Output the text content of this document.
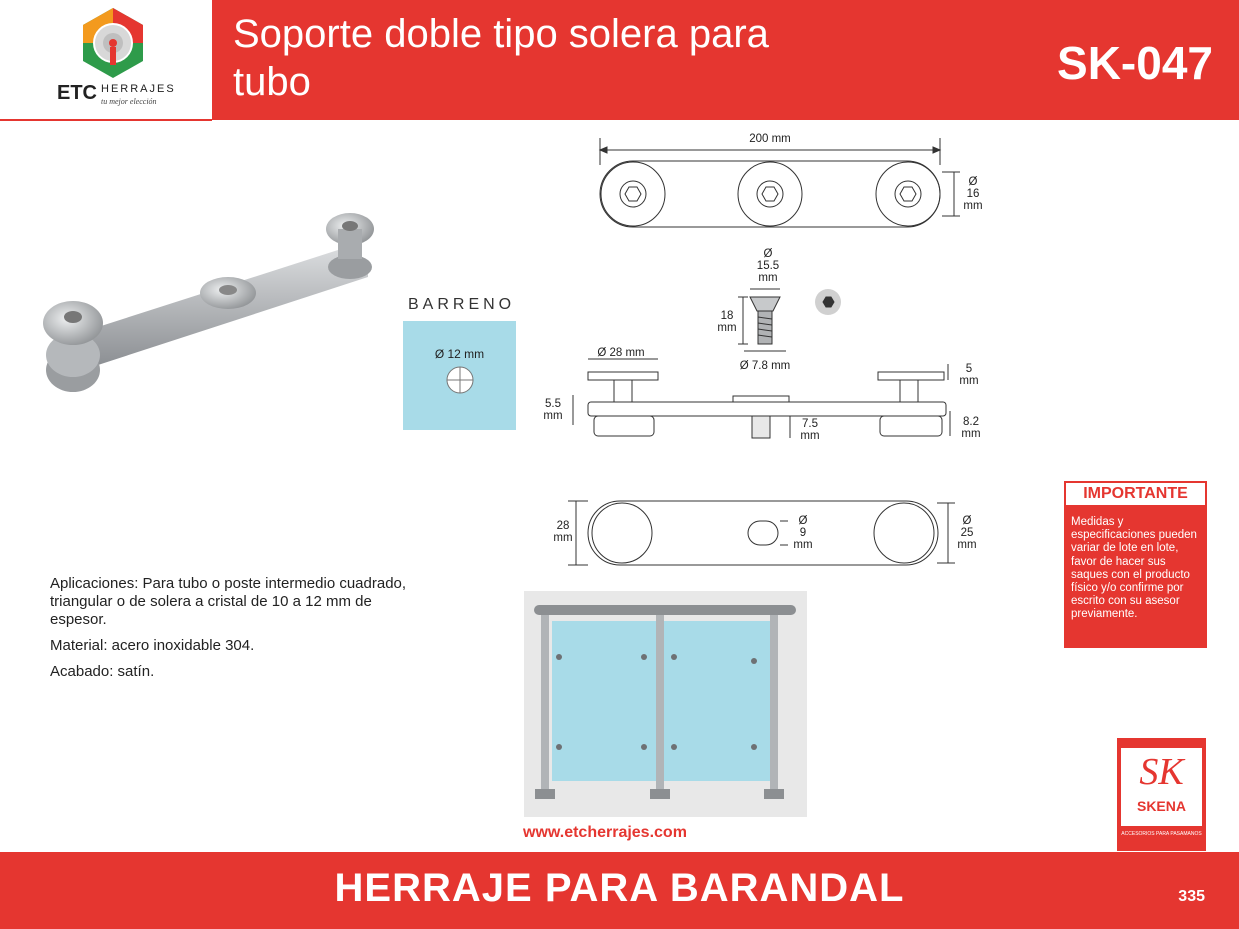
Soporte doble tipo solera para tubo	SK-047
ETC HERRAJES
tu mejor elección
BARRENO
Ø 12 mm
200 mm
Ø
16
mm
Ø
15.5
mm
18
mm
Ø 7.8 mm
Ø 28 mm
5
mm
5.5
mm	8.2
mm
7.5
mm
28
mm
Ø
9
mm
Ø
25
mm

Aplicaciones: Para tubo o poste intermedio cuadrado, triangular o de solera a cristal de 10 a 12 mm de espesor.

Material: acero inoxidable 304.

Acabado: satín.

www.etcherrajes.com
IMPORTANTE
Medidas y especificaciones pueden variar de lote en lote, favor de hacer sus saques con el producto físico y/o confirme por escrito con su asesor previamente.
SK
SKENA
ACCESORIOS PARA PASAMANOS
HERRAJE PARA BARANDAL	335
